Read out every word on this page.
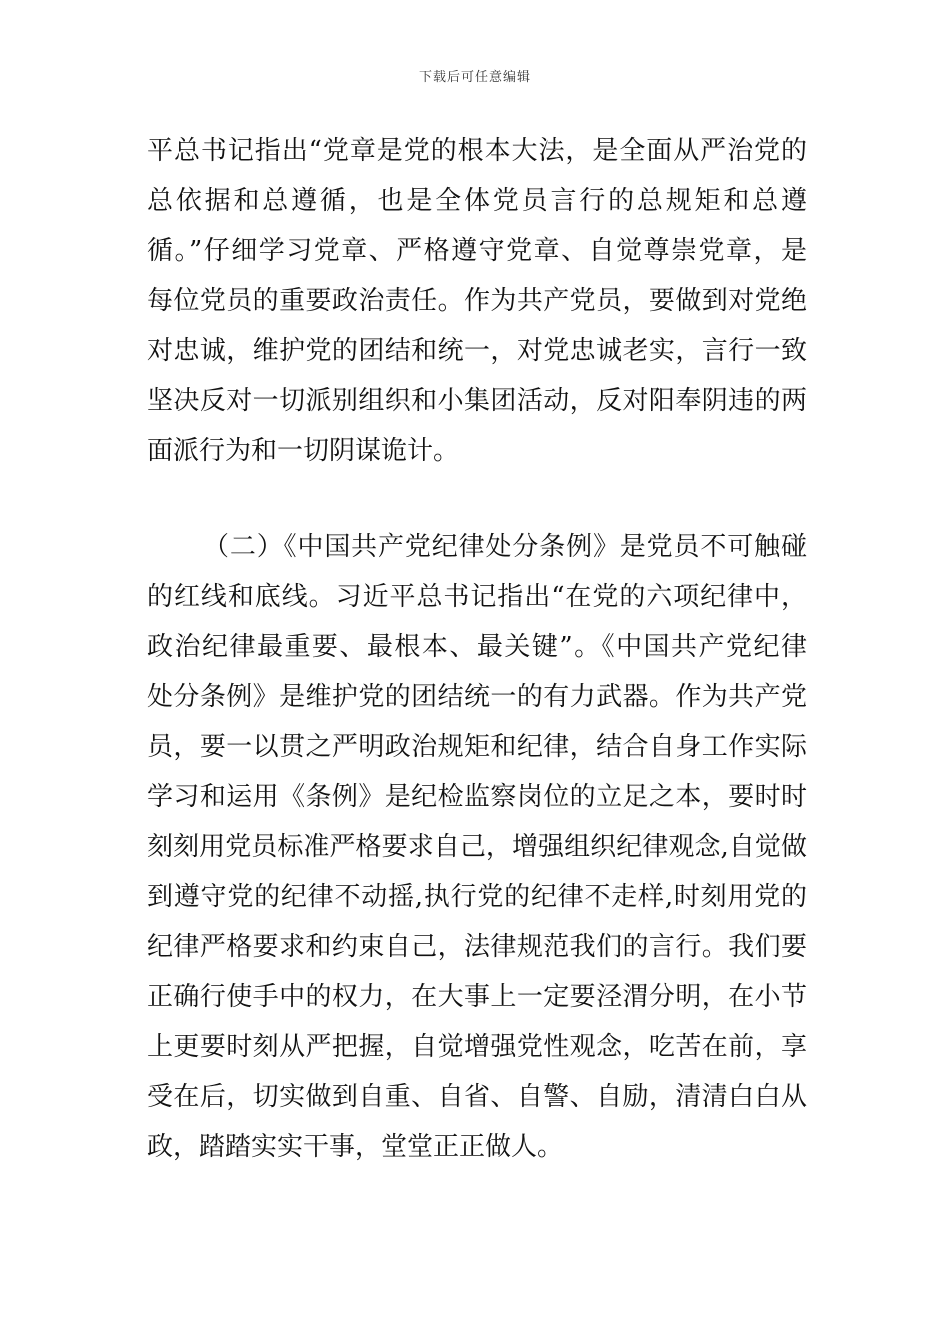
下载后可任意编辑
平总书记指出“党章是党的根本大法，是全面从严治党的
总依据和总遵循，也是全体党员言行的总规矩和总遵
循。”仔细学习党章、严格遵守党章、自觉尊崇党章，是
每位党员的重要政治责任。作为共产党员，要做到对党绝
对忠诚，维护党的团结和统一，对党忠诚老实，言行一致
坚决反对一切派别组织和小集团活动，反对阳奉阴违的两
面派行为和一切阴谋诡计。
（二）《中国共产党纪律处分条例》是党员不可触碰
的红线和底线。习近平总书记指出“在党的六项纪律中，
政治纪律最重要、最根本、最关键”。《中国共产党纪律
处分条例》是维护党的团结统一的有力武器。作为共产党
员，要一以贯之严明政治规矩和纪律，结合自身工作实际
学习和运用《条例》是纪检监察岗位的立足之本，要时时
刻刻用党员标准严格要求自己，增强组织纪律观念,自觉做
到遵守党的纪律不动摇,执行党的纪律不走样,时刻用党的
纪律严格要求和约束自己，法律规范我们的言行。我们要
正确行使手中的权力，在大事上一定要泾渭分明，在小节
上更要时刻从严把握，自觉增强党性观念，吃苦在前，享
受在后，切实做到自重、自省、自警、自励，清清白白从
政，踏踏实实干事，堂堂正正做人。
